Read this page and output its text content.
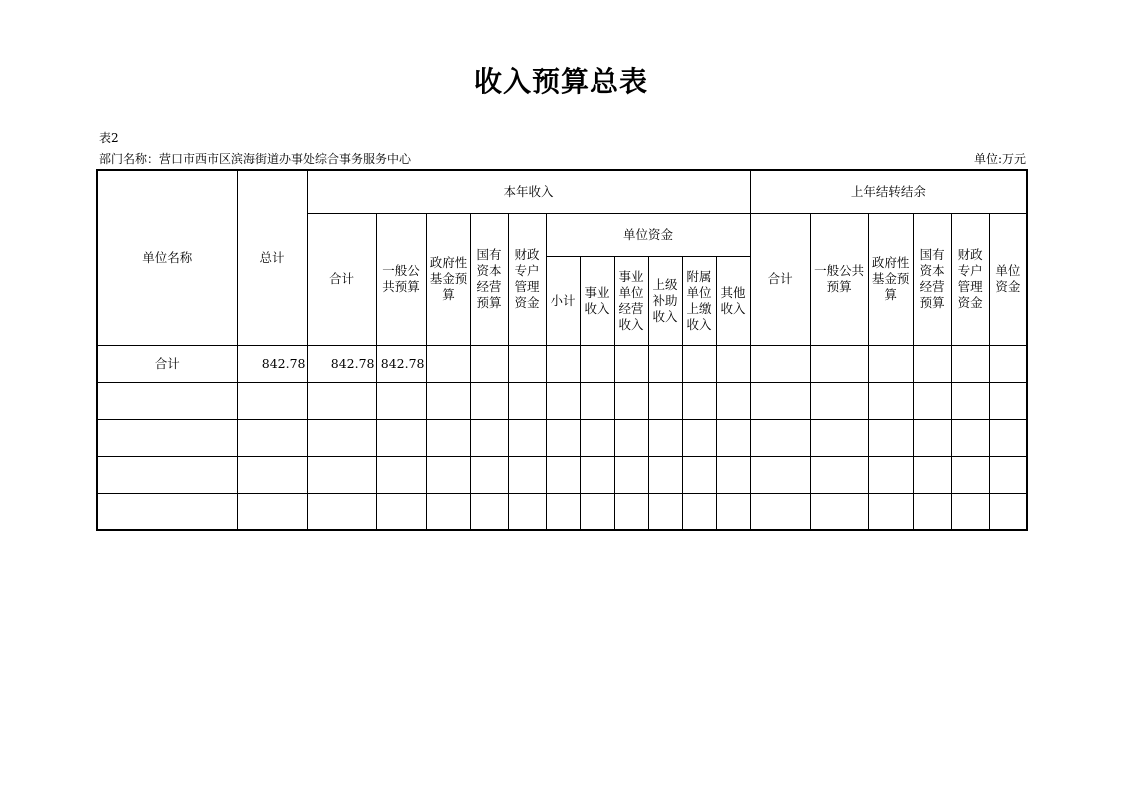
收入预算总表
表2
部门名称：营口市西市区滨海街道办事处综合事务服务中心	单位:万元
单位名称	总计	本年收入											上年结转结余					
		合计	一般公共预算	政府性基金预算	国有资本经营预算	财政专户管理资金	单位资金						合计	一般公共预算	政府性基金预算	国有资本经营预算	财政专户管理资金	单位资金
							小计	事业收入	事业单位经营收入	上级补助收入	附属单位上缴收入	其他收入						
合计	842.78	842.78	842.78															
